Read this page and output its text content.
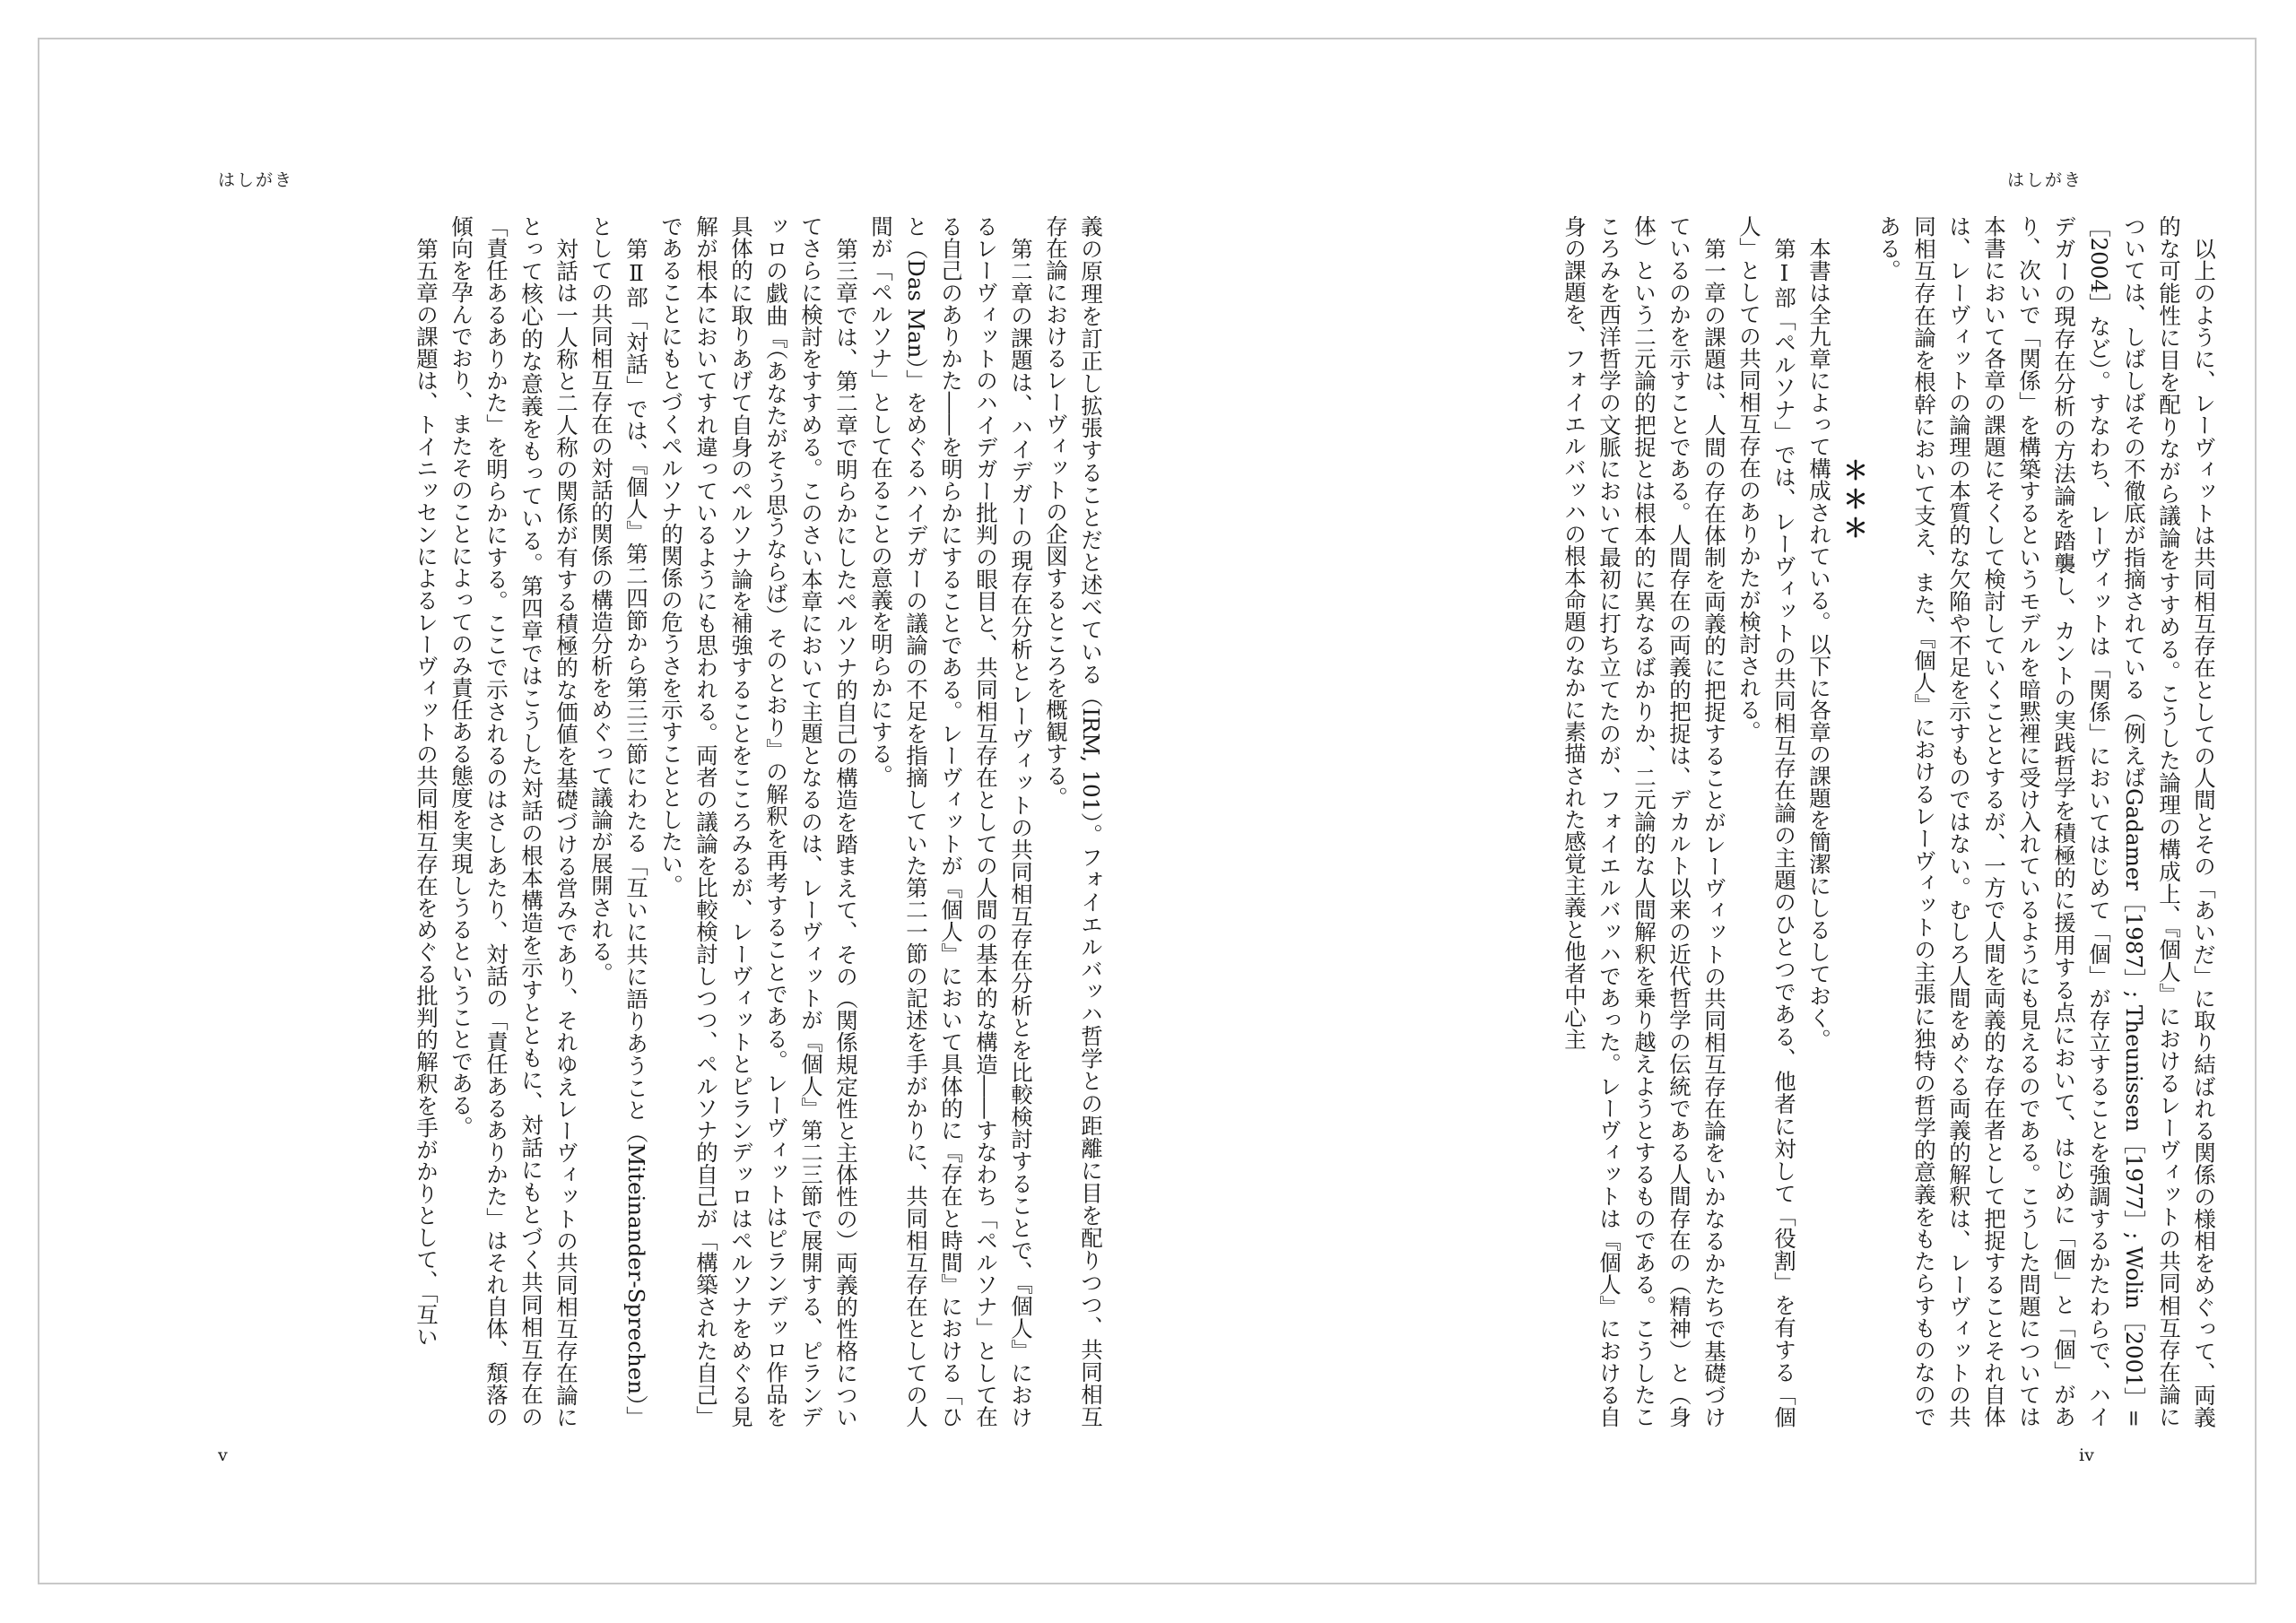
はしがき

義の原理を訂正し拡張することだと述べている（IRM, 101）。フォイエルバッハ哲学との距離に目を配りつつ、共同相互存在論におけるレーヴィットの企図するところを概観する。

第二章の課題は、ハイデガーの現存在分析とレーヴィットの共同相互存在分析とを比較検討することで、『個人』におけるレーヴィットのハイデガー批判の眼目と、共同相互存在としての人間の基本的な構造――すなわち「ペルソナ」として在る自己のありかた――を明らかにすることである。レーヴィットが『個人』において具体的に『存在と時間』における「ひと（Das Man）」をめぐるハイデガーの議論の不足を指摘していた第二一節の記述を手がかりに、共同相互存在としての人間が「ペルソナ」として在ることの意義を明らかにする。

第三章では、第二章で明らかにしたペルソナ的自己の構造を踏まえて、その（関係規定性と主体性の）両義的性格についてさらに検討をすすめる。このさい本章において主題となるのは、レーヴィットが『個人』第二三節で展開する、ピランデッロの戯曲『（あなたがそう思うならば）そのとおり』の解釈を再考することである。レーヴィットはピランデッロ作品を具体的に取りあげて自身のペルソナ論を補強することをこころみるが、レーヴィットとピランデッロはペルソナをめぐる見解が根本においてすれ違っているようにも思われる。両者の議論を比較検討しつつ、ペルソナ的自己が「構築された自己」であることにもとづくペルソナ的関係の危うさを示すこととしたい。

第Ⅱ部「対話」では、『個人』第二四節から第三三節にわたる「互いに共に語りあうこと（Miteinander-Sprechen）」としての共同相互存在の対話的関係の構造分析をめぐって議論が展開される。

対話は一人称と二人称の関係が有する積極的な価値を基礎づける営みであり、それゆえレーヴィットの共同相互存在論にとって核心的な意義をもっている。第四章ではこうした対話の根本構造を示すとともに、対話にもとづく共同相互存在の「責任あるありかた」を明らかにする。ここで示されるのはさしあたり、対話の「責任あるありかた」はそれ自体、頽落の傾向を孕んでおり、またそのことによってのみ責任ある態度を実現しうるということである。

第五章の課題は、トイニッセンによるレーヴィットの共同相互存在をめぐる批判的解釈を手がかりとして、「互い

v
はしがき

以上のように、レーヴィットは共同相互存在としての人間とその「あいだ」に取り結ばれる関係の様相をめぐって、両義的な可能性に目を配りながら議論をすすめる。こうした論理の構成上、『個人』におけるレーヴィットの共同相互存在論については、しばしばその不徹底が指摘されている（例えばGadamer［1987］; Theunissen［1977］; Wolin［2001］=［2004］など）。すなわち、レーヴィットは「関係」においてはじめて「個」が存立することを強調するかたわらで、ハイデガーの現存在分析の方法論を踏襲し、カントの実践哲学を積極的に援用する点において、はじめに「個」と「個」があり、次いで「関係」を構築するというモデルを暗黙裡に受け入れているようにも見えるのである。こうした問題については本書において各章の課題にそくして検討していくこととするが、一方で人間を両義的な存在者として把捉することそれ自体は、レーヴィットの論理の本質的な欠陥や不足を示すものではない。むしろ人間をめぐる両義的解釈は、レーヴィットの共同相互存在論を根幹において支え、また、『個人』におけるレーヴィットの主張に独特の哲学的意義をもたらすものなのである。

＊＊＊

本書は全九章によって構成されている。以下に各章の課題を簡潔にしるしておく。

第Ⅰ部「ペルソナ」では、レーヴィットの共同相互存在論の主題のひとつである、他者に対して「役割」を有する「個人」としての共同相互存在のありかたが検討される。

第一章の課題は、人間の存在体制を両義的に把捉することがレーヴィットの共同相互存在論をいかなるかたちで基礎づけているのかを示すことである。人間存在の両義的把捉は、デカルト以来の近代哲学の伝統である人間存在の（精神）と（身体）という二元論的把捉とは根本的に異なるばかりか、二元論的な人間解釈を乗り越えようとするものである。こうしたこころみを西洋哲学の文脈において最初に打ち立てたのが、フォイエルバッハであった。レーヴィットは『個人』における自身の課題を、フォイエルバッハの根本命題のなかに素描された感覚主義と他者中心主

iv
